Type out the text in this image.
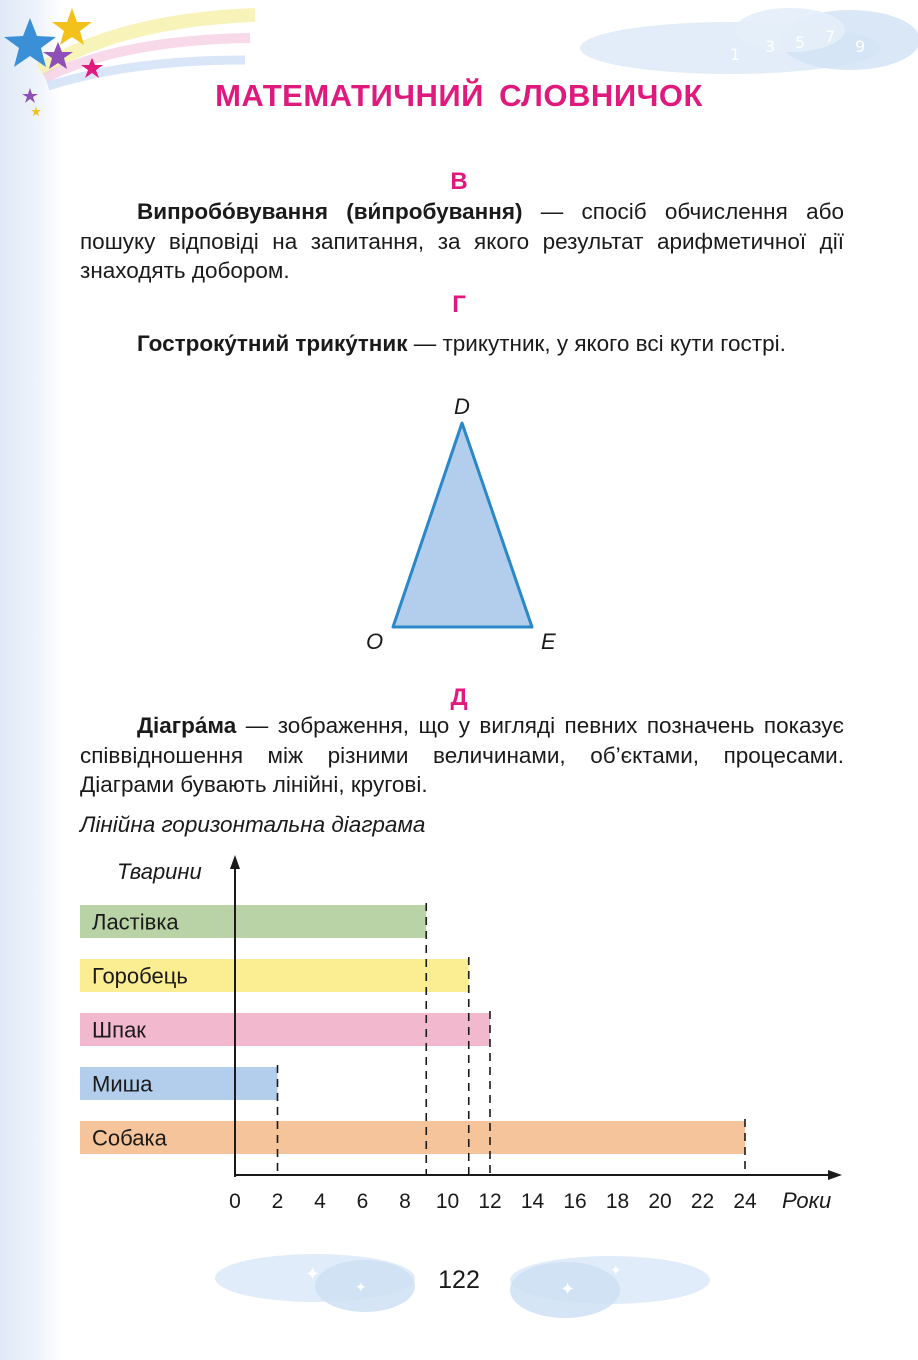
1 3 5 7
9
МАТЕМАТИЧНИЙ СЛОВНИЧОК
В
Випробо́вування (ви́пробування) — спосіб обчислення або пошуку відповіді на запитання, за якого результат арифметичної дії знаходять добором.
Г
Гостроку́тний трику́тник — трикутник, у якого всі кути гострі.
D
O	E
Д
Діагра́ма — зображення, що у вигляді певних позначень показує співвідношення між різними величинами, об’єктами, процесами. Діаграми бувають лінійні, кругові.
Лінійна горизонтальна діаграма
Тварини
Роки
Ластівка
Горобець
Шпак
Миша
Собака
0 2 4 6 8 10 12 14 16 18 20 22 24
✦
✦	✦
✦
122
